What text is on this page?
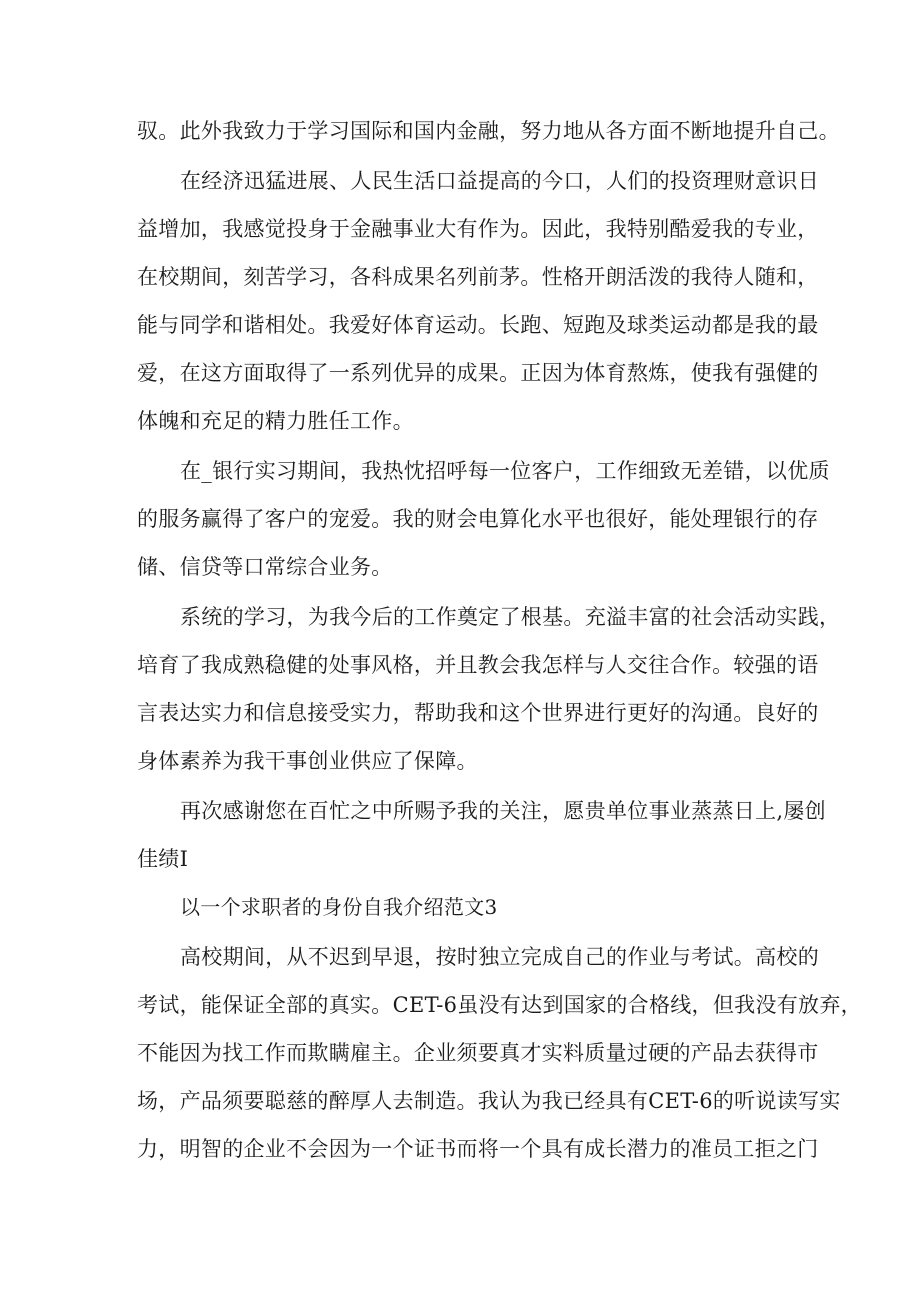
驭。此外我致力于学习国际和国内金融，努力地从各方面不断地提升自己。

在经济迅猛进展、人民生活口益提高的今口，人们的投资理财意识日

益增加，我感觉投身于金融事业大有作为。因此，我特别酷爱我的专业，

在校期间，刻苦学习，各科成果名列前茅。性格开朗活泼的我待人随和，

能与同学和谐相处。我爱好体育运动。长跑、短跑及球类运动都是我的最

爱，在这方面取得了一系列优异的成果。正因为体育熬炼，使我有强健的

体魄和充足的精力胜任工作。

在_银行实习期间，我热忱招呼每一位客户，工作细致无差错，以优质

的服务赢得了客户的宠爱。我的财会电算化水平也很好，能处理银行的存

储、信贷等口常综合业务。

系统的学习，为我今后的工作奠定了根基。充溢丰富的社会活动实践，

培育了我成熟稳健的处事风格，并且教会我怎样与人交往合作。较强的语

言表达实力和信息接受实力，帮助我和这个世界进行更好的沟通。良好的

身体素养为我干事创业供应了保障。

再次感谢您在百忙之中所赐予我的关注，愿贵单位事业蒸蒸日上,屡创

佳绩I

以一个求职者的身份自我介绍范文3

高校期间，从不迟到早退，按时独立完成自己的作业与考试。高校的

考试，能保证全部的真实。CET-6虽没有达到国家的合格线，但我没有放弃，

不能因为找工作而欺瞒雇主。企业须要真才实料质量过硬的产品去获得市

场，产品须要聪慈的醉厚人去制造。我认为我已经具有CET-6的听说读写实

力，明智的企业不会因为一个证书而将一个具有成长潜力的准员工拒之门
